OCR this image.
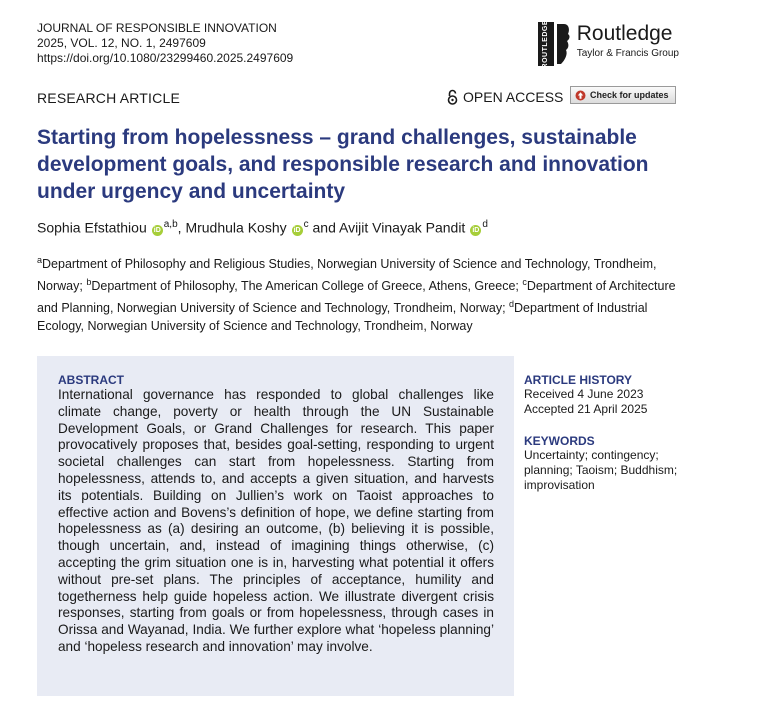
JOURNAL OF RESPONSIBLE INNOVATION
2025, VOL. 12, NO. 1, 2497609
https://doi.org/10.1080/23299460.2025.2497609	ROUTLEDGE Routledge
Taylor & Francis Group
RESEARCH ARTICLE	OPEN ACCESS	Check for updates
Starting from hopelessness – grand challenges, sustainable development goals, and responsible research and innovation under urgency and uncertainty
Sophia Efstathiou iD$^{a,b}$, Mrudhula Koshy $iD^c$ and Avijit Vinayak Pandit $iD^d$
$^a$Department of Philosophy and Religious Studies, Norwegian University of Science and Technology, Trondheim, Norway; $^b$Department of Philosophy, The American College of Greece, Athens, Greece; $^c$Department of Architecture and Planning, Norwegian University of Science and Technology, Trondheim, Norway; $^d$Department of Industrial Ecology, Norwegian University of Science and Technology, Trondheim, Norway
ABSTRACT

International governance has responded to global challenges like climate change, poverty or health through the UN Sustainable Development Goals, or Grand Challenges for research. This paper provocatively proposes that, besides goal-setting, responding to urgent societal challenges can start from hopelessness. Starting from hopelessness, attends to, and accepts a given situation, and harvests its potentials. Building on Jullien’s work on Taoist approaches to effective action and Bovens’s definition of hope, we define starting from hopelessness as (a) desiring an outcome, (b) believing it is possible, though uncertain, and, instead of imagining things otherwise, (c) accepting the grim situation one is in, harvesting what potential it offers without pre-set plans. The principles of acceptance, humility and togetherness help guide hopeless action. We illustrate divergent crisis responses, starting from goals or from hopelessness, through cases in Orissa and Wayanad, India. We further explore what ‘hopeless planning’ and ‘hopeless research and innovation’ may involve.

ARTICLE HISTORY
Received 4 June 2023
Accepted 21 April 2025
KEYWORDS
Uncertainty; contingency; planning; Taoism; Buddhism; improvisation
